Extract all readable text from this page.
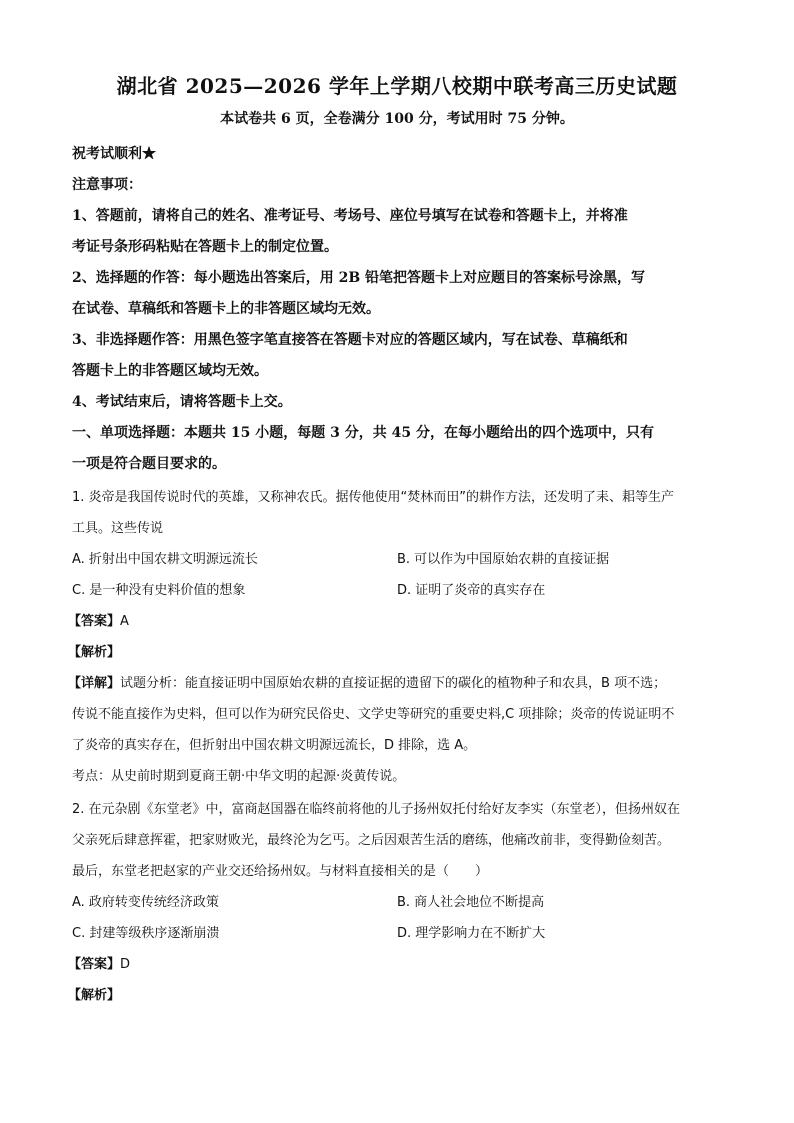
湖北省 2025—2026 学年上学期八校期中联考高三历史试题
本试卷共 6 页，全卷满分 100 分，考试用时 75 分钟。
祝考试顺利★
注意事项：
1、答题前，请将自己的姓名、准考证号、考场号、座位号填写在试卷和答题卡上，并将准
考证号条形码粘贴在答题卡上的制定位置。
2、选择题的作答：每小题选出答案后，用 2B 铅笔把答题卡上对应题目的答案标号涂黑，写
在试卷、草稿纸和答题卡上的非答题区域均无效。
3、非选择题作答：用黑色签字笔直接答在答题卡对应的答题区域内，写在试卷、草稿纸和
答题卡上的非答题区域均无效。
4、考试结束后，请将答题卡上交。
一、单项选择题：本题共 15 小题，每题 3 分，共 45 分，在每小题给出的四个选项中，只有
一项是符合题目要求的。
1. 炎帝是我国传说时代的英雄，又称神农氏。据传他使用“焚林而田”的耕作方法，还发明了耒、耜等生产
工具。这些传说
A. 折射出中国农耕文明源远流长	B. 可以作为中国原始农耕的直接证据
C. 是一种没有史料价值的想象	D. 证明了炎帝的真实存在
【答案】A
【解析】
【详解】试题分析：能直接证明中国原始农耕的直接证据的遗留下的碳化的植物种子和农具，B 项不选；
传说不能直接作为史料，但可以作为研究民俗史、文学史等研究的重要史料,C 项排除；炎帝的传说证明不
了炎帝的真实存在，但折射出中国农耕文明源远流长，D 排除，选 A。
考点：从史前时期到夏商王朝·中华文明的起源·炎黄传说。
2. 在元杂剧《东堂老》中，富商赵国器在临终前将他的儿子扬州奴托付给好友李实（东堂老），但扬州奴在
父亲死后肆意挥霍，把家财败光，最终沦为乞丐。之后因艰苦生活的磨练，他痛改前非，变得勤俭刻苦。
最后，东堂老把赵家的产业交还给扬州奴。与材料直接相关的是（　　）
A. 政府转变传统经济政策	B. 商人社会地位不断提高
C. 封建等级秩序逐渐崩溃	D. 理学影响力在不断扩大
【答案】D
【解析】
